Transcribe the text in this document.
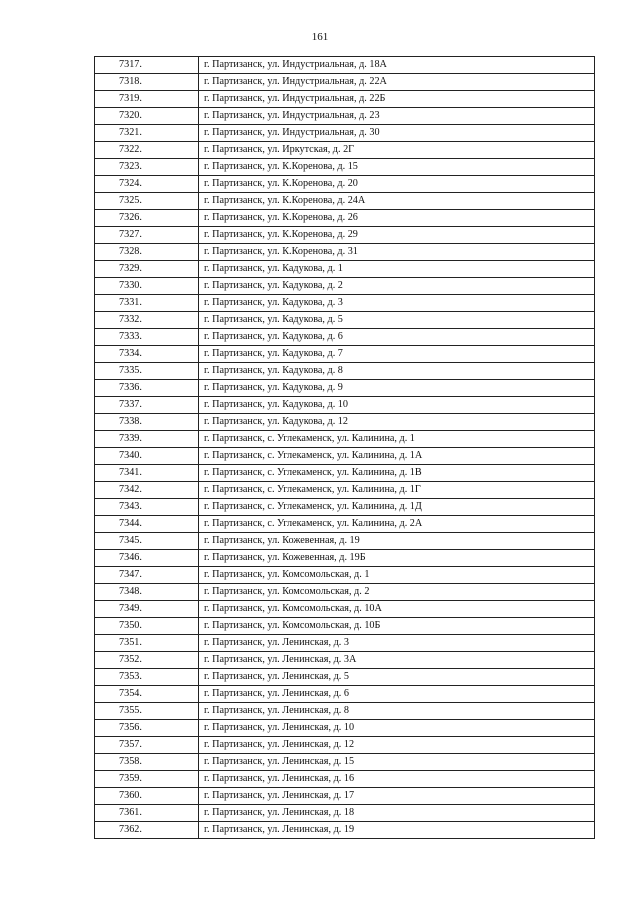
161
7317.	г. Партизанск, ул. Индустриальная, д. 18А
7318.	г. Партизанск, ул. Индустриальная, д. 22А
7319.	г. Партизанск, ул. Индустриальная, д. 22Б
7320.	г. Партизанск, ул. Индустриальная, д. 23
7321.	г. Партизанск, ул. Индустриальная, д. 30
7322.	г. Партизанск, ул. Иркутская, д. 2Г
7323.	г. Партизанск, ул. К.Коренова, д. 15
7324.	г. Партизанск, ул. К.Коренова, д. 20
7325.	г. Партизанск, ул. К.Коренова, д. 24А
7326.	г. Партизанск, ул. К.Коренова, д. 26
7327.	г. Партизанск, ул. К.Коренова, д. 29
7328.	г. Партизанск, ул. К.Коренова, д. 31
7329.	г. Партизанск, ул. Кадукова, д. 1
7330.	г. Партизанск, ул. Кадукова, д. 2
7331.	г. Партизанск, ул. Кадукова, д. 3
7332.	г. Партизанск, ул. Кадукова, д. 5
7333.	г. Партизанск, ул. Кадукова, д. 6
7334.	г. Партизанск, ул. Кадукова, д. 7
7335.	г. Партизанск, ул. Кадукова, д. 8
7336.	г. Партизанск, ул. Кадукова, д. 9
7337.	г. Партизанск, ул. Кадукова, д. 10
7338.	г. Партизанск, ул. Кадукова, д. 12
7339.	г. Партизанск, с. Углекаменск, ул. Калинина, д. 1
7340.	г. Партизанск, с. Углекаменск, ул. Калинина, д. 1А
7341.	г. Партизанск, с. Углекаменск, ул. Калинина, д. 1В
7342.	г. Партизанск, с. Углекаменск, ул. Калинина, д. 1Г
7343.	г. Партизанск, с. Углекаменск, ул. Калинина, д. 1Д
7344.	г. Партизанск, с. Углекаменск, ул. Калинина, д. 2А
7345.	г. Партизанск, ул. Кожевенная, д. 19
7346.	г. Партизанск, ул. Кожевенная, д. 19Б
7347.	г. Партизанск, ул. Комсомольская, д. 1
7348.	г. Партизанск, ул. Комсомольская, д. 2
7349.	г. Партизанск, ул. Комсомольская, д. 10А
7350.	г. Партизанск, ул. Комсомольская, д. 10Б
7351.	г. Партизанск, ул. Ленинская, д. 3
7352.	г. Партизанск, ул. Ленинская, д. 3А
7353.	г. Партизанск, ул. Ленинская, д. 5
7354.	г. Партизанск, ул. Ленинская, д. 6
7355.	г. Партизанск, ул. Ленинская, д. 8
7356.	г. Партизанск, ул. Ленинская, д. 10
7357.	г. Партизанск, ул. Ленинская, д. 12
7358.	г. Партизанск, ул. Ленинская, д. 15
7359.	г. Партизанск, ул. Ленинская, д. 16
7360.	г. Партизанск, ул. Ленинская, д. 17
7361.	г. Партизанск, ул. Ленинская, д. 18
7362.	г. Партизанск, ул. Ленинская, д. 19
